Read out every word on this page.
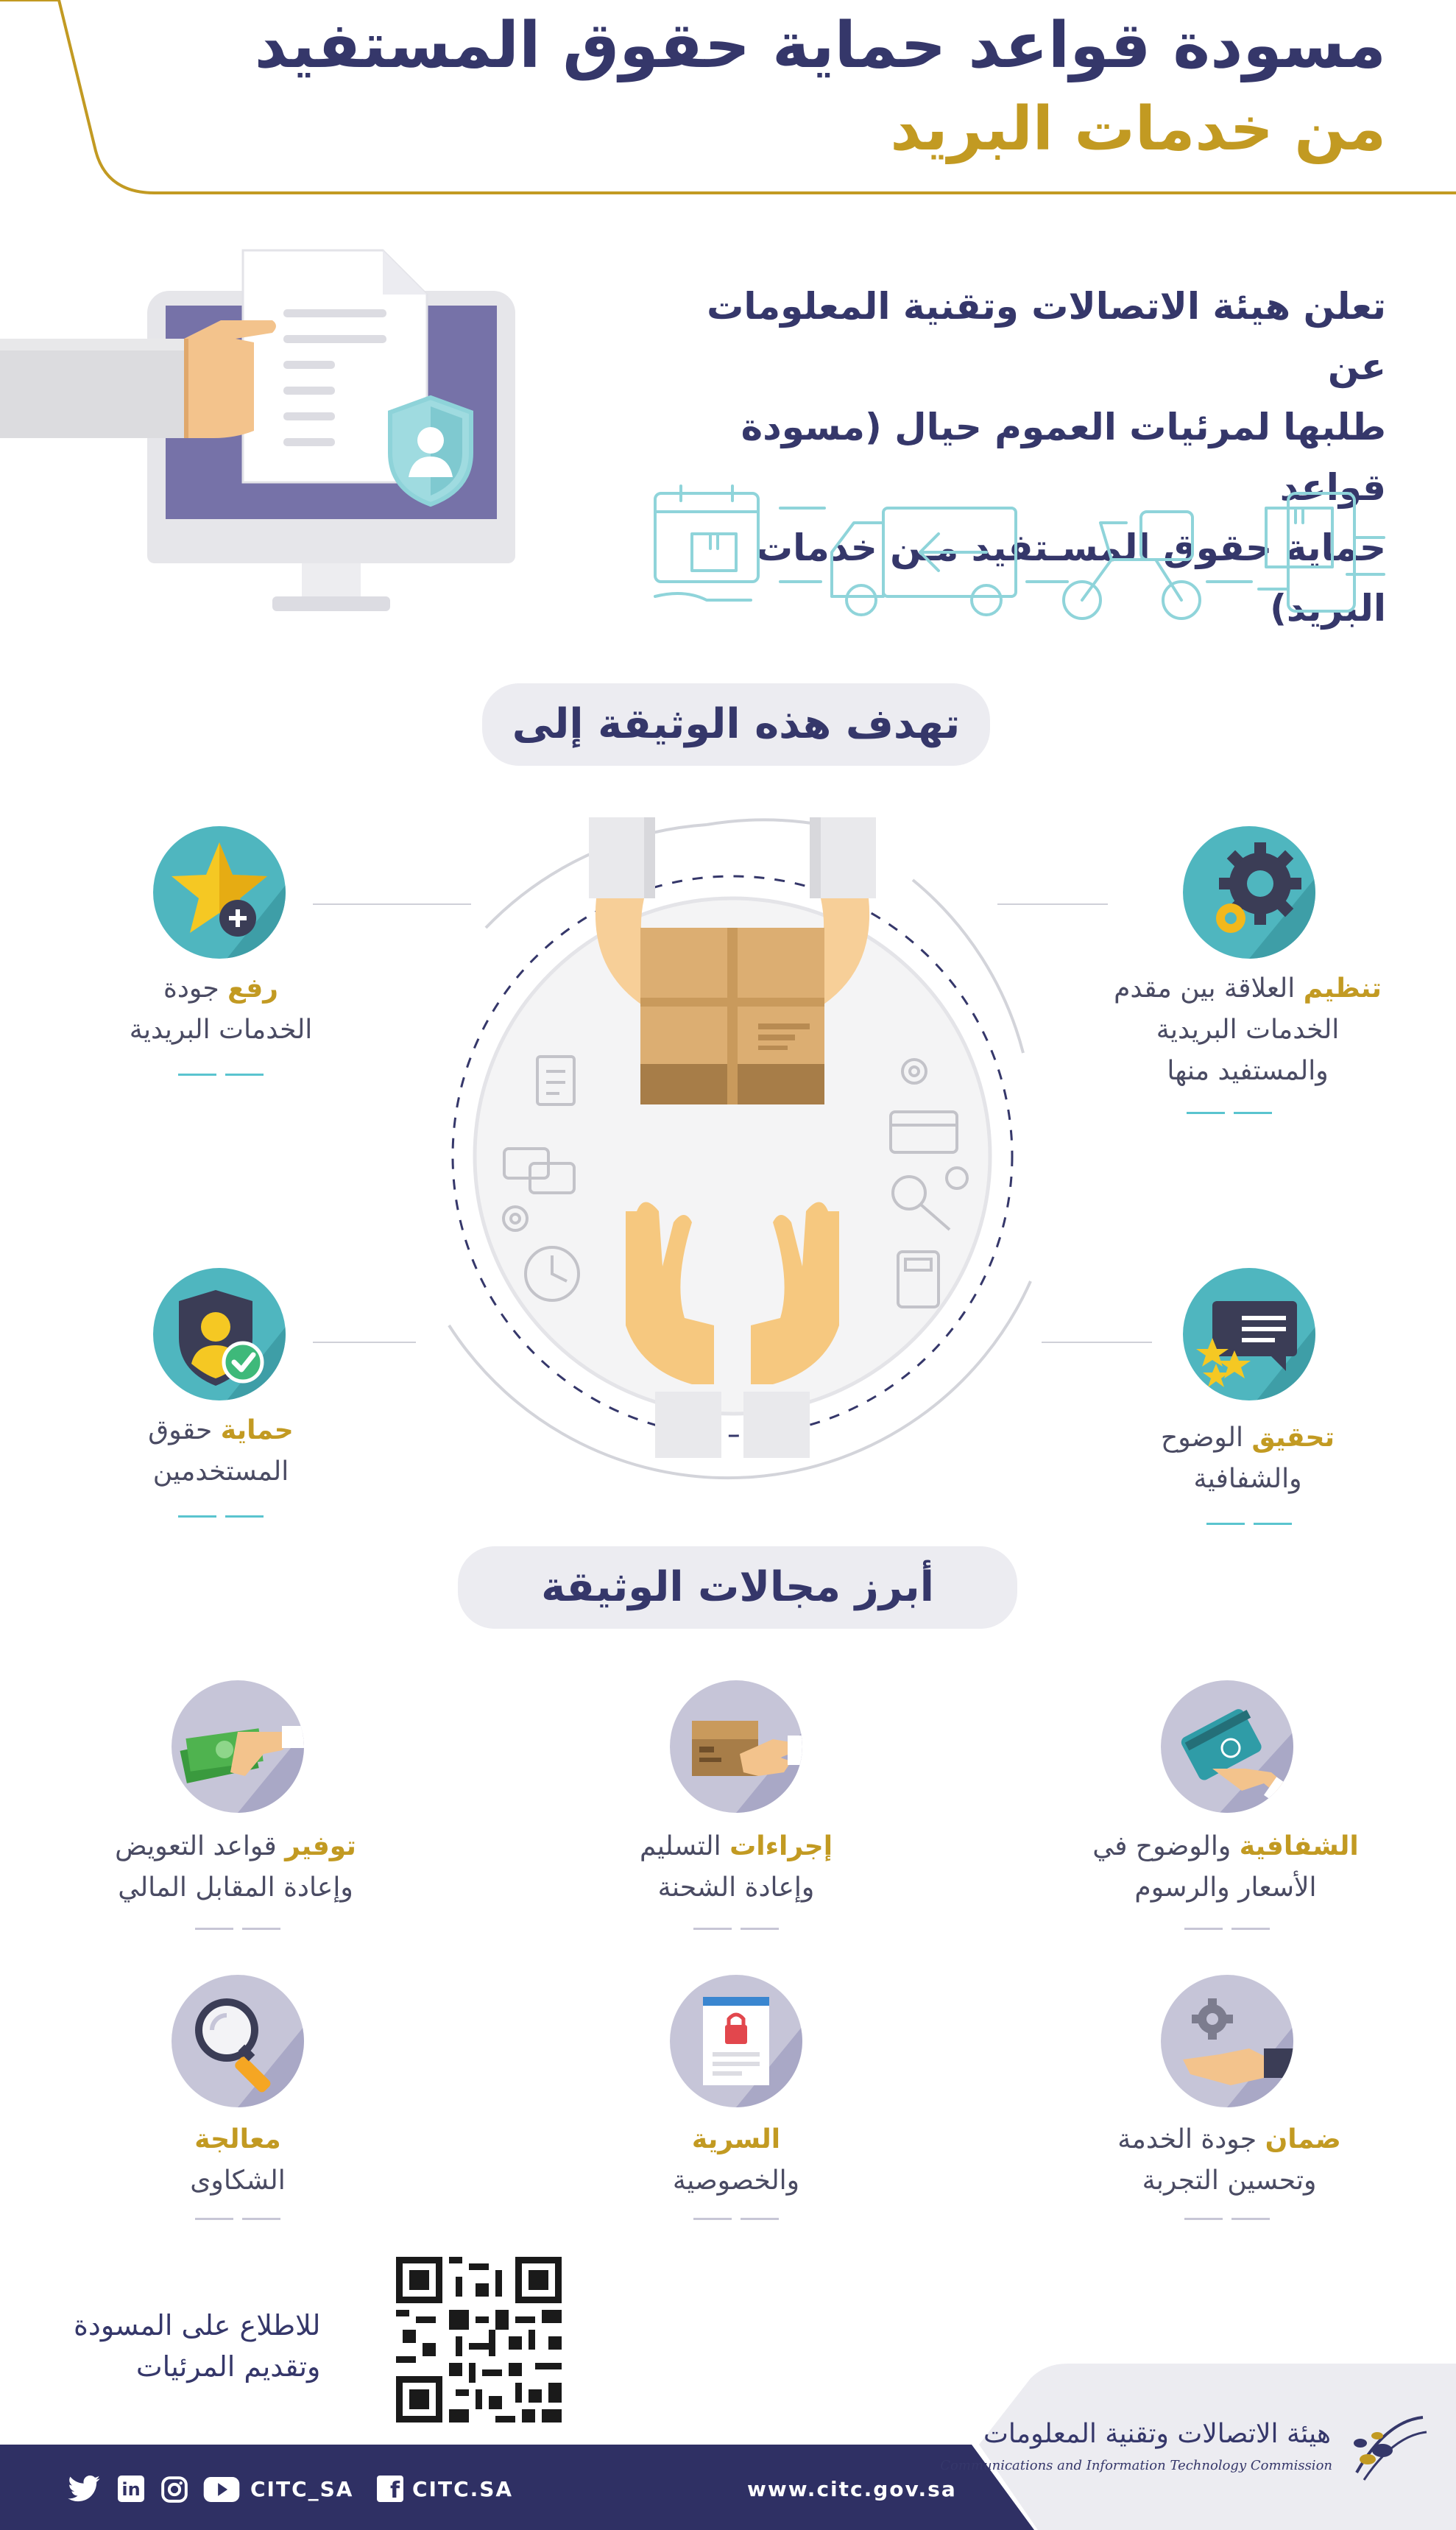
مسودة قواعد حماية حقوق المستفيد
من خدمات البريد
تعلن هيئة الاتصالات وتقنية المعلومات عن
طلبها لمرئيات العموم حيال (مسودة قواعد
حماية حقوق المسـتفيد مـن خدمات البريد)
تهدف هذه الوثيقة إلى
تنظيم العلاقة بين مقدم
الخدمات البريدية
والمستفيد منها
رفع جودة
الخدمات البريدية
تحقيق الوضوح
والشفافية
حماية حقوق
المستخدمين
أبرز مجالات الوثيقة
الشفافية والوضوح في
الأسعار والرسوم
إجراءات التسليم
وإعادة الشحنة
توفير قواعد التعويض
وإعادة المقابل المالي
ضمان جودة الخدمة
وتحسين التجربة
السرية
والخصوصية
معالجة
الشكاوى
للاطلاع على المسودة
وتقديم المرئيات
in	CITC_SA	f CITC.SA	www.citc.gov.sa
هيئة الاتصالات وتقنية المعلومات
Communications and Information Technology Commission
